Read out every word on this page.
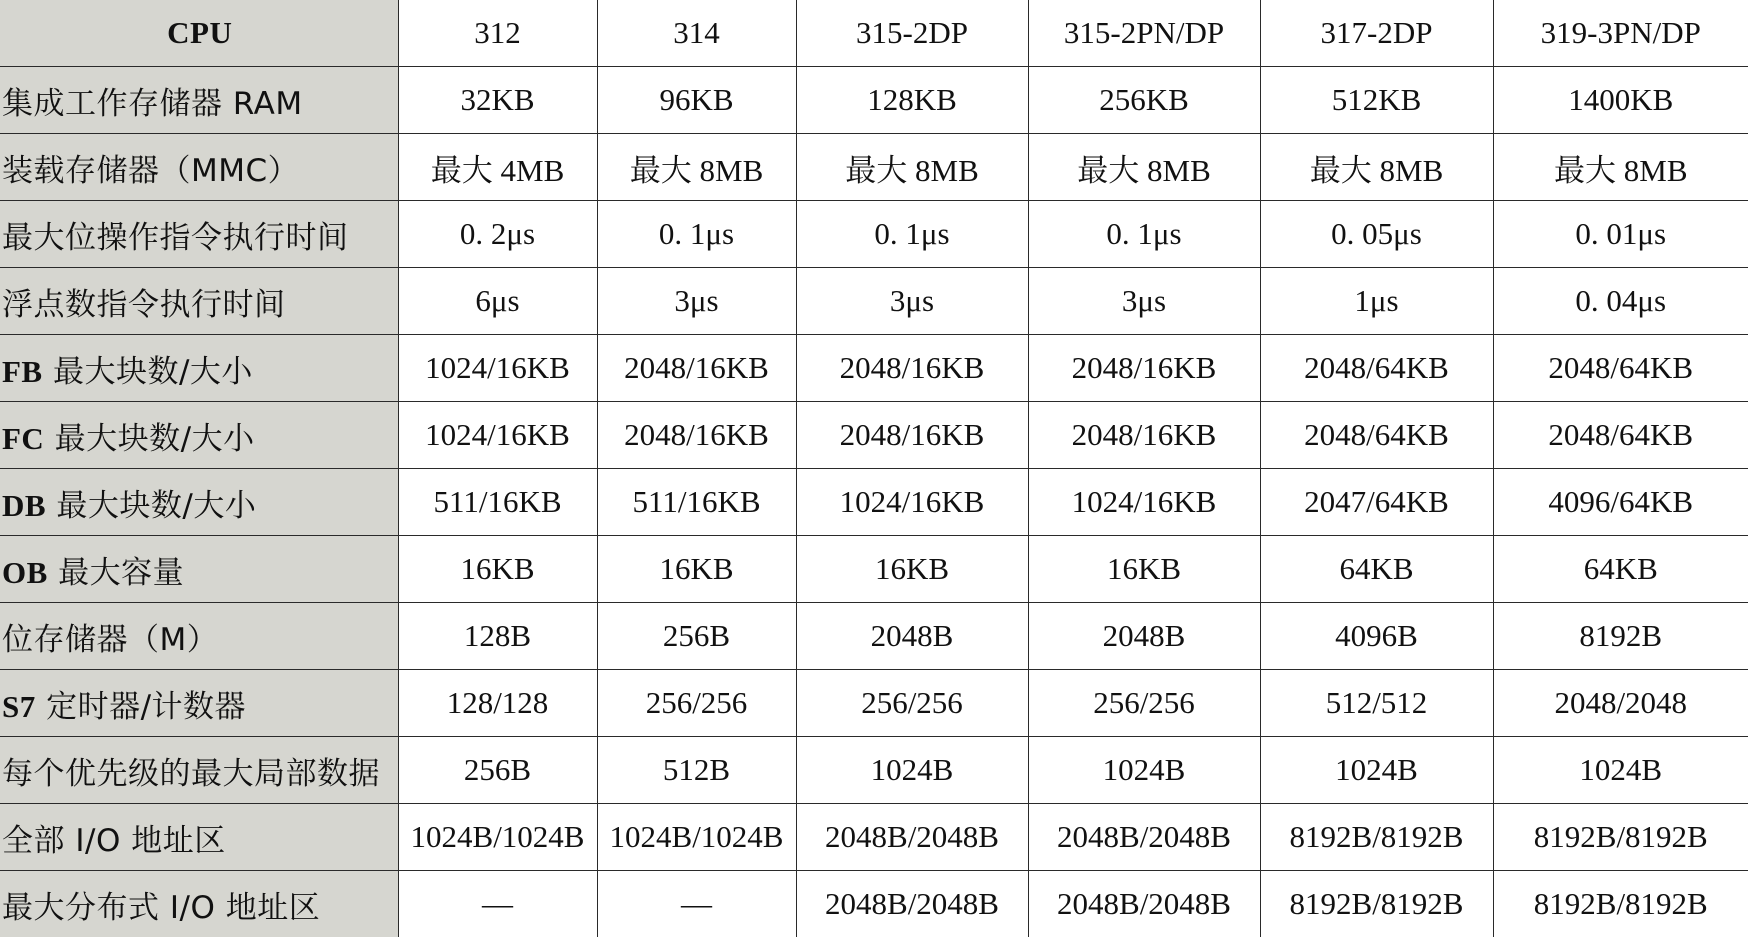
CPU	312	314	315-2DP	315-2PN/DP	317-2DP	319-3PN/DP
集成工作存储器 RAM	32KB	96KB	128KB	256KB	512KB	1400KB
装载存储器（MMC）	最大 4MB	最大 8MB	最大 8MB	最大 8MB	最大 8MB	最大 8MB
最大位操作指令执行时间	0. 2μs	0. 1μs	0. 1μs	0. 1μs	0. 05μs	0. 01μs
浮点数指令执行时间	6μs	3μs	3μs	3μs	1μs	0. 04μs
FB 最大块数/大小	1024/16KB	2048/16KB	2048/16KB	2048/16KB	2048/64KB	2048/64KB
FC 最大块数/大小	1024/16KB	2048/16KB	2048/16KB	2048/16KB	2048/64KB	2048/64KB
DB 最大块数/大小	511/16KB	511/16KB	1024/16KB	1024/16KB	2047/64KB	4096/64KB
OB 最大容量	16KB	16KB	16KB	16KB	64KB	64KB
位存储器（M）	128B	256B	2048B	2048B	4096B	8192B
S7 定时器/计数器	128/128	256/256	256/256	256/256	512/512	2048/2048
每个优先级的最大局部数据	256B	512B	1024B	1024B	1024B	1024B
全部 I/O 地址区	1024B/1024B	1024B/1024B	2048B/2048B	2048B/2048B	8192B/8192B	8192B/8192B
最大分布式 I/O 地址区	—	—	2048B/2048B	2048B/2048B	8192B/8192B	8192B/8192B
